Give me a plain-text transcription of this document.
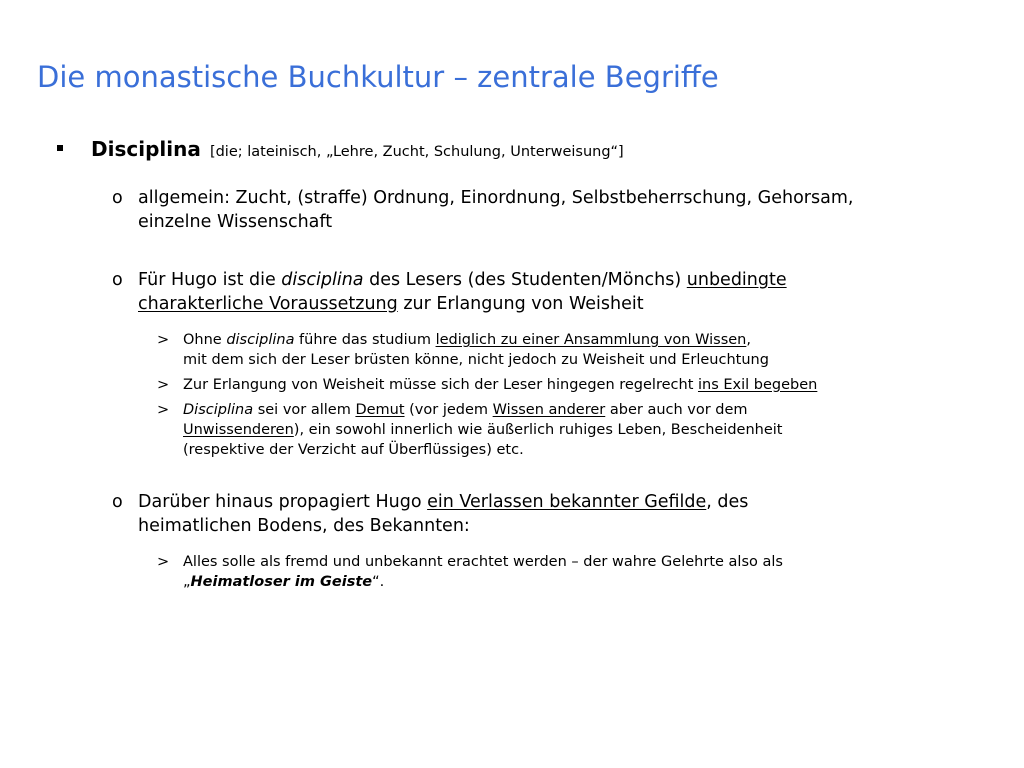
Die monastische Buchkultur – zentrale Begriffe
Disciplina [die; lateinisch, „Lehre, Zucht, Schulung, Unterweisung“]
o allgemein: Zucht, (straffe) Ordnung, Einordnung, Selbstbeherrschung, Gehorsam,
einzelne Wissenschaft
o Für Hugo ist die disciplina des Lesers (des Studenten/Mönchs) unbedingte
charakterliche Voraussetzung zur Erlangung von Weisheit
> Ohne disciplina führe das studium lediglich zu einer Ansammlung von Wissen,
mit dem sich der Leser brüsten könne, nicht jedoch zu Weisheit und Erleuchtung
> Zur Erlangung von Weisheit müsse sich der Leser hingegen regelrecht ins Exil begeben
> Disciplina sei vor allem Demut (vor jedem Wissen anderer aber auch vor dem
Unwissenderen), ein sowohl innerlich wie äußerlich ruhiges Leben, Bescheidenheit
(respektive der Verzicht auf Überflüssiges) etc.
o Darüber hinaus propagiert Hugo ein Verlassen bekannter Gefilde, des
heimatlichen Bodens, des Bekannten:
> Alles solle als fremd und unbekannt erachtet werden – der wahre Gelehrte also als
„Heimatloser im Geiste“.
